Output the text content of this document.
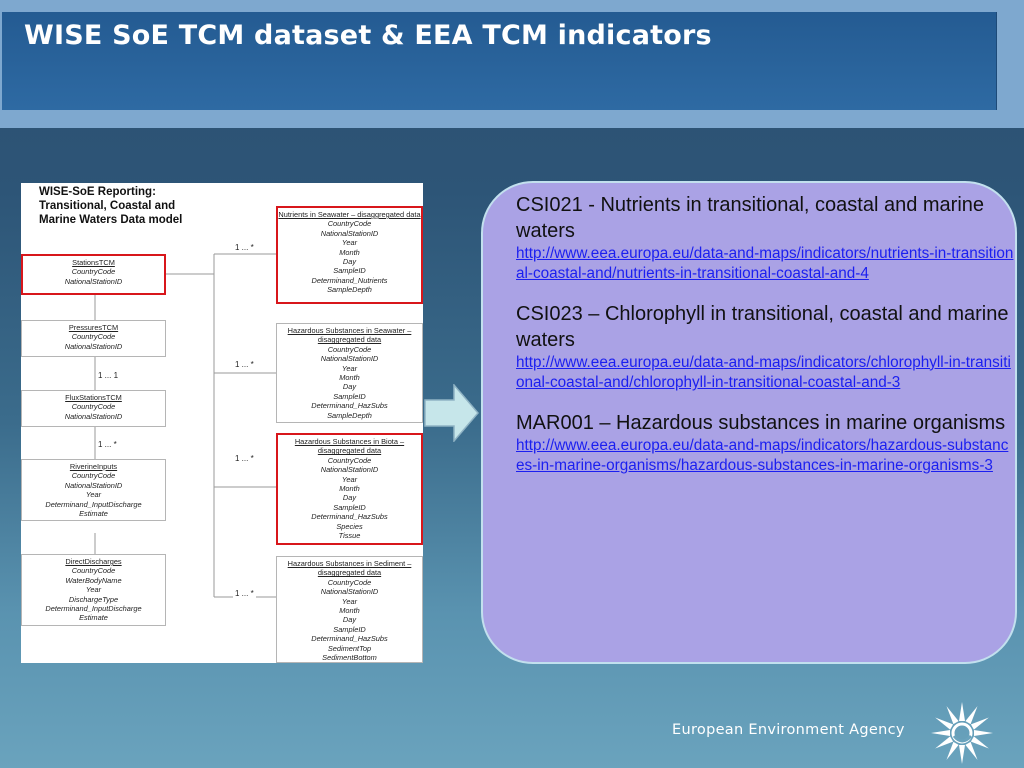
WISE SoE TCM dataset & EEA TCM indicators
WISE-SoE Reporting:
Transitional, Coastal and
Marine Waters Data model
StationsTCM
CountryCode
NationalStationID
PressuresTCM
CountryCode
NationalStationID
1 ... 1
FluxStationsTCM
CountryCode
NationalStationID
1 ... *
RiverineInputs
CountryCode
NationalStationID
Year
Determinand_InputDischarge
Estimate
DirectDischarges
CountryCode
WaterBodyName
Year
DischargeType
Determinand_InputDischarge
Estimate
1 ... *
1 ... *
1 ... *
1 ... *
Nutrients in Seawater – disaggregated data
CountryCode
NationalStationID
Year
Month
Day
SampleID
Determinand_Nutrients
SampleDepth
Hazardous Substances in Seawater – disaggregated data
CountryCode
NationalStationID
Year
Month
Day
SampleID
Determinand_HazSubs
SampleDepth
Hazardous Substances in Biota – disaggregated data
CountryCode
NationalStationID
Year
Month
Day
SampleID
Determinand_HazSubs
Species
Tissue
Hazardous Substances in Sediment – disaggregated data
CountryCode
NationalStationID
Year
Month
Day
SampleID
Determinand_HazSubs
SedimentTop
SedimentBottom
CSI021 - Nutrients in transitional, coastal and marine waters
http://www.eea.europa.eu/data-and-maps/indicators/nutrients-in-transitional-coastal-and/nutrients-in-transitional-coastal-and-4
CSI023 – Chlorophyll in transitional, coastal and marine waters
http://www.eea.europa.eu/data-and-maps/indicators/chlorophyll-in-transitional-coastal-and/chlorophyll-in-transitional-coastal-and-3
MAR001 – Hazardous substances in marine organisms
http://www.eea.europa.eu/data-and-maps/indicators/hazardous-substances-in-marine-organisms/hazardous-substances-in-marine-organisms-3
European Environment Agency
